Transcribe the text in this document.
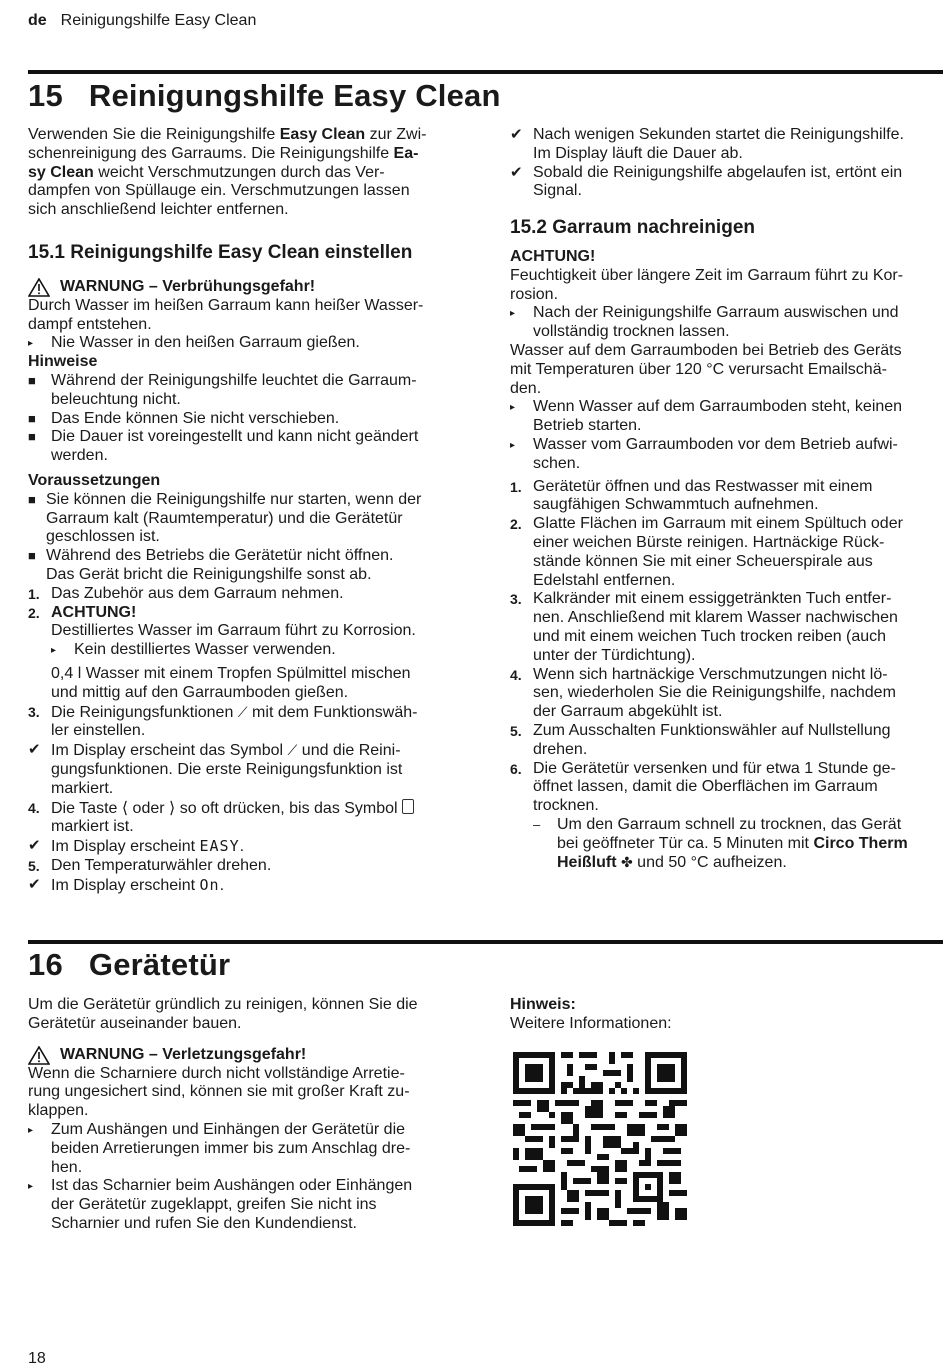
de Reinigungshilfe Easy Clean
15 Reinigungshilfe Easy Clean

Verwenden Sie die Reinigungshilfe Easy Clean zur Zwi-
schenreinigung des Garraums. Die Reinigungshilfe Ea-
sy Clean weicht Verschmutzungen durch das Ver-
dampfen von Spüllauge ein. Verschmutzungen lassen
sich anschließend leichter entfernen.

15.1 Reinigungshilfe Easy Clean einstellen

WARNUNG – Verbrühungsgefahr!

Durch Wasser im heißen Garraum kann heißer Wasser-
dampf entstehen.

▸	Nie Wasser in den heißen Garraum gießen.

Hinweise

■ Während der Reinigungshilfe leuchtet die Garraum-
beleuchtung nicht.
■ Das Ende können Sie nicht verschieben.
■ Die Dauer ist voreingestellt und kann nicht geändert
werden.

Voraussetzungen

■ Sie können die Reinigungshilfe nur starten, wenn der
Garraum kalt (Raumtemperatur) und die Gerätetür
geschlossen ist.
■ Während des Betriebs die Gerätetür nicht öffnen.
Das Gerät bricht die Reinigungshilfe sonst ab.
1. Das Zubehör aus dem Garraum nehmen.
2. ACHTUNG!
Destilliertes Wasser im Garraum führt zu Korrosion.
▸	Kein destilliertes Wasser verwenden.
0,4 l Wasser mit einem Tropfen Spülmittel mischen
und mittig auf den Garraumboden gießen.
3. Die Reinigungsfunktionen ⟋ mit dem Funktionswäh-
ler einstellen.
✔ Im Display erscheint das Symbol ⟋ und die Reini-
gungsfunktionen. Die erste Reinigungsfunktion ist
markiert.
4. Die Taste ⟨ oder ⟩ so oft drücken, bis das Symbol
markiert ist.
✔ Im Display erscheint EASY.
5. Den Temperaturwähler drehen.
✔ Im Display erscheint On.
✔ Nach wenigen Sekunden startet die Reinigungshilfe.
Im Display läuft die Dauer ab.
✔ Sobald die Reinigungshilfe abgelaufen ist, ertönt ein
Signal.
15.2 Garraum nachreinigen

ACHTUNG!

Feuchtigkeit über längere Zeit im Garraum führt zu Kor-
rosion.

▸	Nach der Reinigungshilfe Garraum auswischen und
vollständig trocknen lassen.

Wasser auf dem Garraumboden bei Betrieb des Geräts
mit Temperaturen über 120 °C verursacht Emailschä-
den.

▸	Wenn Wasser auf dem Garraumboden steht, keinen
Betrieb starten.
▸	Wasser vom Garraumboden vor dem Betrieb aufwi-
schen.
1. Gerätetür öffnen und das Restwasser mit einem
saugfähigen Schwammtuch aufnehmen.
2. Glatte Flächen im Garraum mit einem Spültuch oder
einer weichen Bürste reinigen. Hartnäckige Rück-
stände können Sie mit einer Scheuerspirale aus
Edelstahl entfernen.
3. Kalkränder mit einem essiggetränkten Tuch entfer-
nen. Anschließend mit klarem Wasser nachwischen
und mit einem weichen Tuch trocken reiben (auch
unter der Türdichtung).
4. Wenn sich hartnäckige Verschmutzungen nicht lö-
sen, wiederholen Sie die Reinigungshilfe, nachdem
der Garraum abgekühlt ist.
5. Zum Ausschalten Funktionswähler auf Nullstellung
drehen.
6. Die Gerätetür versenken und für etwa 1 Stunde ge-
öffnet lassen, damit die Oberflächen im Garraum
trocknen.
–	Um den Garraum schnell zu trocknen, das Gerät
bei geöffneter Tür ca. 5 Minuten mit Circo Therm
Heißluft ✤ und 50 °C aufheizen.
16 Gerätetür

Um die Gerätetür gründlich zu reinigen, können Sie die
Gerätetür auseinander bauen.

WARNUNG – Verletzungsgefahr!

Wenn die Scharniere durch nicht vollständige Arretie-
rung ungesichert sind, können sie mit großer Kraft zu-
klappen.

▸	Zum Aushängen und Einhängen der Gerätetür die
beiden Arretierungen immer bis zum Anschlag dre-
hen.
▸	Ist das Scharnier beim Aushängen oder Einhängen
der Gerätetür zugeklappt, greifen Sie nicht ins
Scharnier und rufen Sie den Kundendienst.

Hinweis:

Weitere Informationen:

18
